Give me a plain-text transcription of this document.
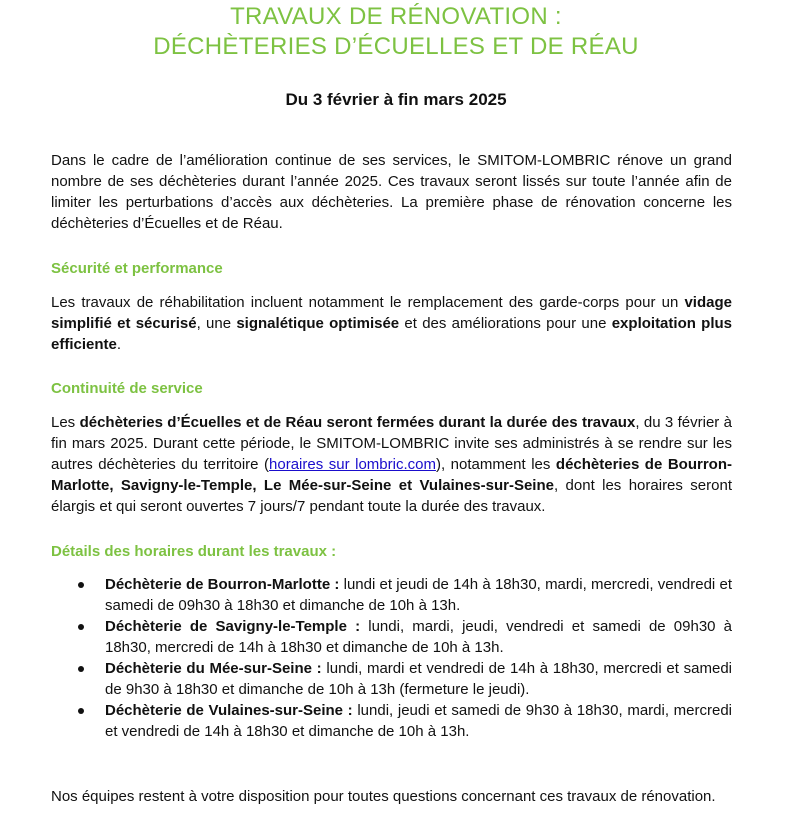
TRAVAUX DE RÉNOVATION :
DÉCHÈTERIES D’ÉCUELLES ET DE RÉAU
Du 3 février à fin mars 2025

Dans le cadre de l’amélioration continue de ses services, le SMITOM-LOMBRIC rénove un grand nombre de ses déchèteries durant l’année 2025. Ces travaux seront lissés sur toute l’année afin de limiter les perturbations d’accès aux déchèteries. La première phase de rénovation concerne les déchèteries d’Écuelles et de Réau.

Sécurité et performance

Les travaux de réhabilitation incluent notamment le remplacement des garde-corps pour un vidage simplifié et sécurisé, une signalétique optimisée et des améliorations pour une exploitation plus efficiente.

Continuité de service

Les déchèteries d’Écuelles et de Réau seront fermées durant la durée des travaux, du 3 février à fin mars 2025. Durant cette période, le SMITOM-LOMBRIC invite ses administrés à se rendre sur les autres déchèteries du territoire (horaires sur lombric.com), notamment les déchèteries de Bourron-Marlotte, Savigny-le-Temple, Le Mée-sur-Seine et Vulaines-sur-Seine, dont les horaires seront élargis et qui seront ouvertes 7 jours/7 pendant toute la durée des travaux.

Détails des horaires durant les travaux :
Déchèterie de Bourron-Marlotte : lundi et jeudi de 14h à 18h30, mardi, mercredi, vendredi et samedi de 09h30 à 18h30 et dimanche de 10h à 13h.
Déchèterie de Savigny-le-Temple : lundi, mardi, jeudi, vendredi et samedi de 09h30 à 18h30, mercredi de 14h à 18h30 et dimanche de 10h à 13h.
Déchèterie du Mée-sur-Seine : lundi, mardi et vendredi de 14h à 18h30, mercredi et samedi de 9h30 à 18h30 et dimanche de 10h à 13h (fermeture le jeudi).
Déchèterie de Vulaines-sur-Seine : lundi, jeudi et samedi de 9h30 à 18h30, mardi, mercredi et vendredi de 14h à 18h30 et dimanche de 10h à 13h.

Nos équipes restent à votre disposition pour toutes questions concernant ces travaux de rénovation.
